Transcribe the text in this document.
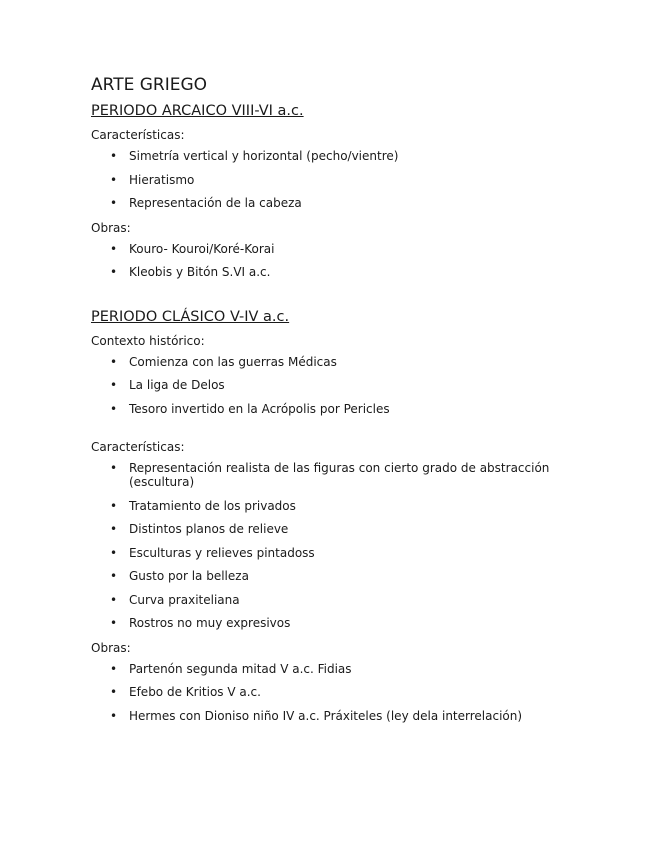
ARTE GRIEGO
PERIODO ARCAICO VIII-VI a.c.
Características:
• Simetría vertical y horizontal (pecho/vientre)
• Hieratismo
• Representación de la cabeza
Obras:
• Kouro- Kouroi/Koré-Korai
• Kleobis y Bitón S.VI a.c.
PERIODO CLÁSICO V-IV a.c.
Contexto histórico:
• Comienza con las guerras Médicas
• La liga de Delos
• Tesoro invertido en la Acrópolis por Pericles
Características:
• Representación realista de las figuras con cierto grado de abstracción (escultura)
• Tratamiento de los privados
• Distintos planos de relieve
• Esculturas y relieves pintadoss
• Gusto por la belleza
• Curva praxiteliana
• Rostros no muy expresivos
Obras:
• Partenón segunda mitad V a.c. Fidias
• Efebo de Kritios V a.c.
• Hermes con Dioniso niño IV a.c. Práxiteles (ley dela interrelación)
